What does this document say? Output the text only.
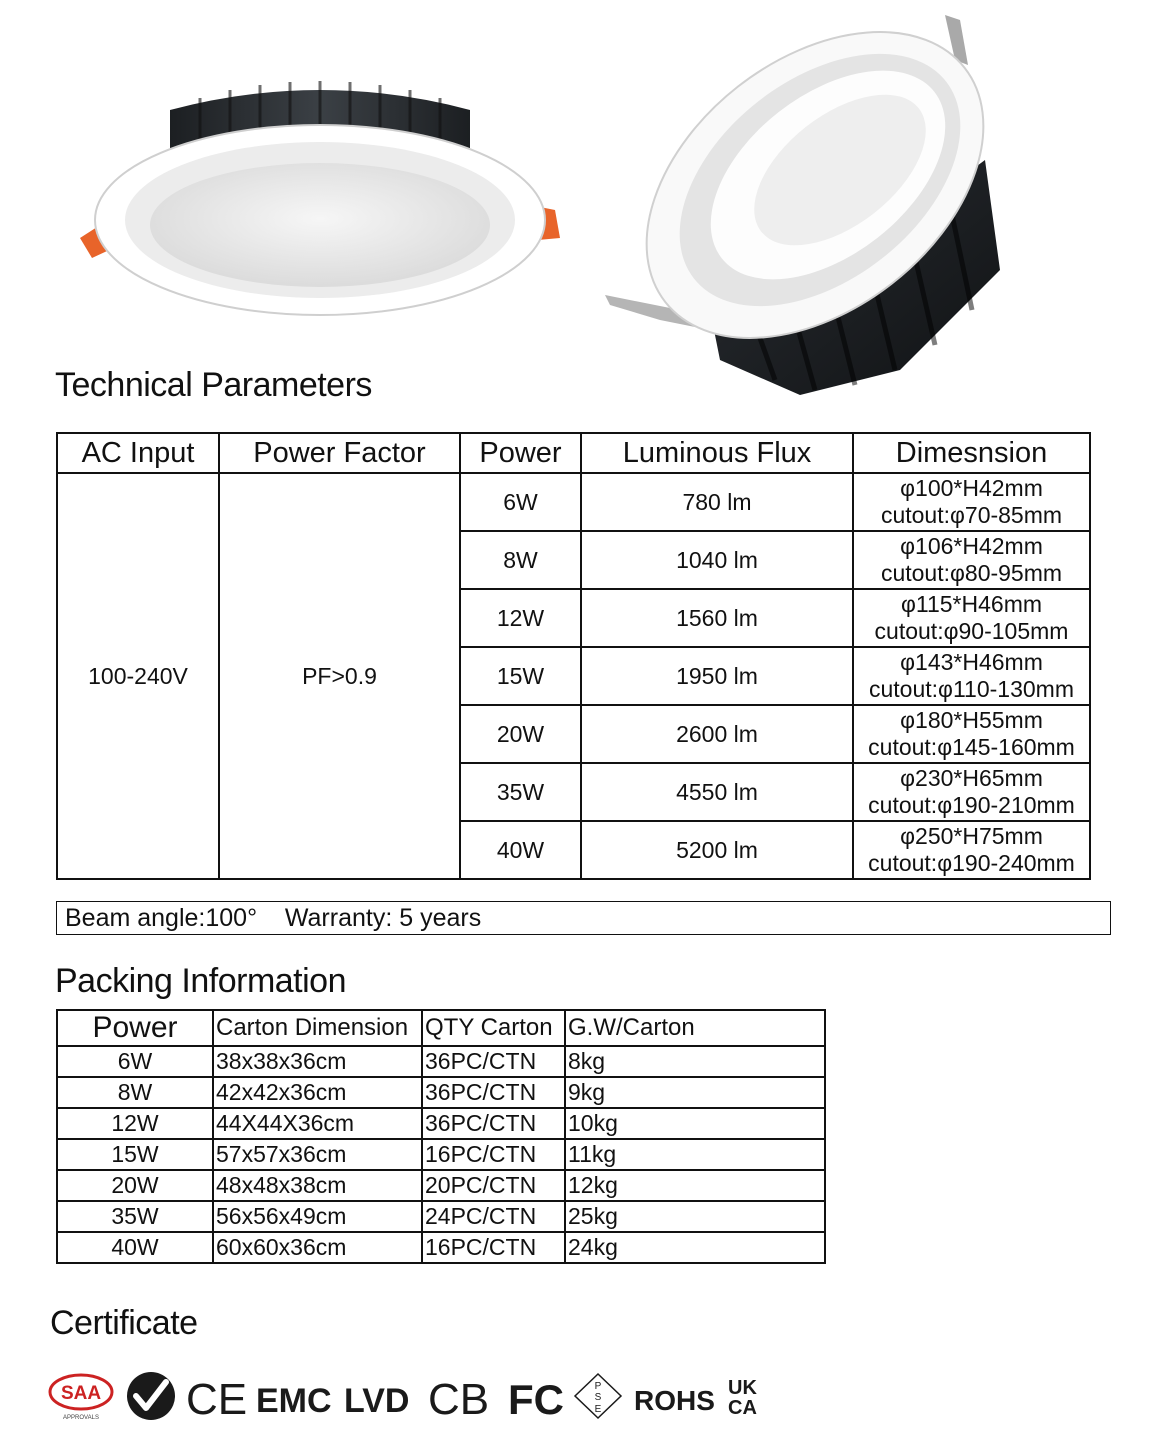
Technical Parameters
AC Input	Power Factor	Power	Luminous Flux	Dimesnsion
100-240V	PF>0.9	6W	780 lm	φ100*H42mm
cutout:φ70-85mm

		8W	1040 lm	φ106*H42mm
cutout:φ80-95mm

		12W	1560 lm	φ115*H46mm
cutout:φ90-105mm

		15W	1950 lm	φ143*H46mm
cutout:φ110-130mm

		20W	2600 lm	φ180*H55mm
cutout:φ145-160mm

		35W	4550 lm	φ230*H65mm
cutout:φ190-210mm

		40W	5200 lm	φ250*H75mm
cutout:φ190-240mm
Beam angle:100°    Warranty: 5 years
Packing Information
Power	Carton Dimension	QTY Carton	G.W/Carton
6W	38x38x36cm	36PC/CTN	8kg
8W	42x42x36cm	36PC/CTN	9kg
12W	44X44X36cm	36PC/CTN	10kg
15W	57x57x36cm	16PC/CTN	11kg
20W	48x48x38cm	20PC/CTN	12kg
35W	56x56x49cm	24PC/CTN	25kg
40W	60x60x36cm	16PC/CTN	24kg
Certificate
SAA
APPROVALS CE EMC LVD CB FC	P
S
E ROHS UK
CA
